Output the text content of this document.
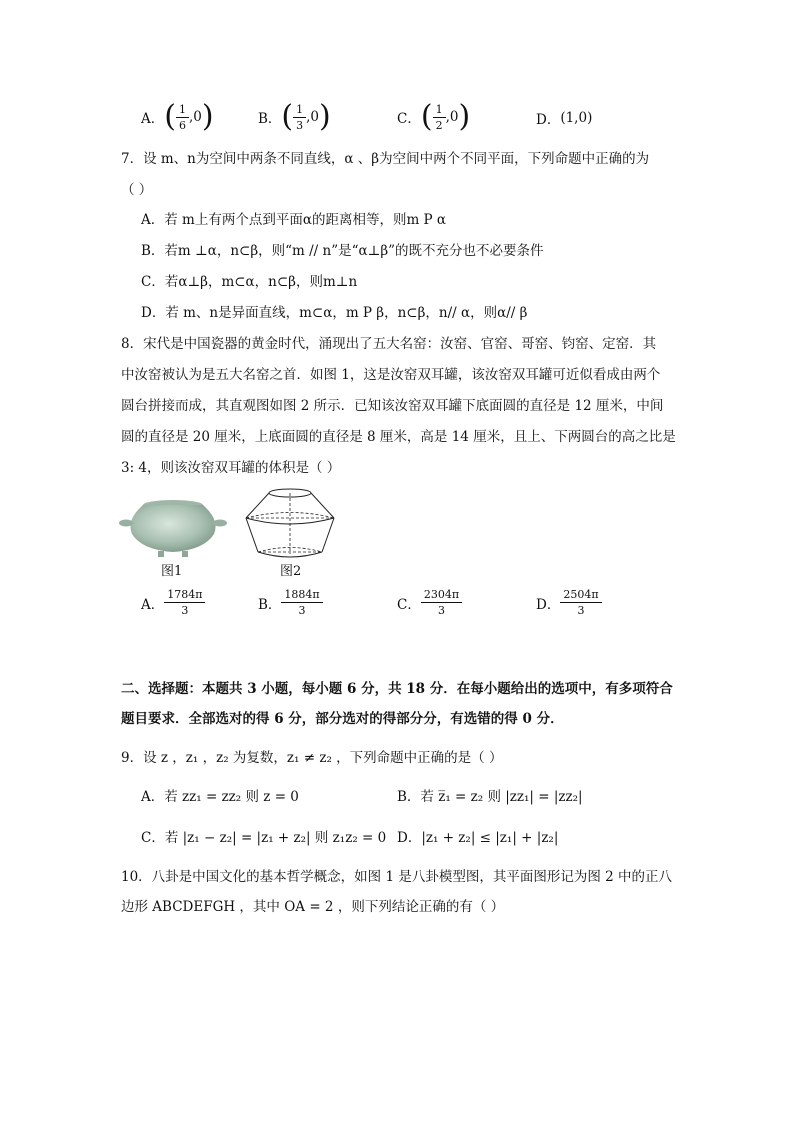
A． ( $\frac{1}{6} ,0$ )	B． ( $\frac{1}{3} ,0$ )	C． ( $\frac{1}{2} ,0$ )	D． (1,0)
7．设 m、n为空间中两条不同直线，α 、β为空间中两个不同平面，下列命题中正确的为
（ ）
A．若 m上有两个点到平面α的距离相等，则m P α
B．若m ⊥α，n⊂β，则“m // n”是“α⊥β”的既不充分也不必要条件
C．若α⊥β，m⊂α，n⊂β，则m⊥n
D．若 m、n是异面直线，m⊂α，m P β，n⊂β，n// α，则α// β
8．宋代是中国瓷器的黄金时代，涌现出了五大名窑：汝窑、官窑、哥窑、钧窑、定窑．其
中汝窑被认为是五大名窑之首．如图 1，这是汝窑双耳罐，该汝窑双耳罐可近似看成由两个
圆台拼接而成，其直观图如图 2 所示．已知该汝窑双耳罐下底面圆的直径是 12 厘米，中间
圆的直径是 20 厘米，上底面圆的直径是 8 厘米，高是 14 厘米，且上、下两圆台的高之比是
3: 4，则该汝窑双耳罐的体积是（ ）
图1	图2
A． $\frac{1784\pi}{3}$	B． $\frac{1884\pi}{3}$	C． $\frac{2304\pi}{3}$	D． $\frac{2504\pi}{3}$
二、选择题：本题共 3 小题，每小题 6 分，共 18 分．在每小题给出的选项中，有多项符合
题目要求．全部选对的得 6 分，部分选对的得部分分，有选错的得 0 分．
9．设 z ，z₁ ，z₂ 为复数，z₁ ≠ z₂ ，下列命题中正确的是（ ）
A．若 zz₁ = zz₂ 则 z = 0	B．若 z̅₁ = z₂ 则 |zz₁| = |zz₂|
C．若 |z₁ − z₂| = |z₁ + z₂| 则 z₁z₂ = 0 D．|z₁ + z₂| ≤ |z₁| + |z₂|
10．八卦是中国文化的基本哲学概念，如图 1 是八卦模型图，其平面图形记为图 2 中的正八
边形 ABCDEFGH ，其中 OA = 2 ，则下列结论正确的有（ ）
